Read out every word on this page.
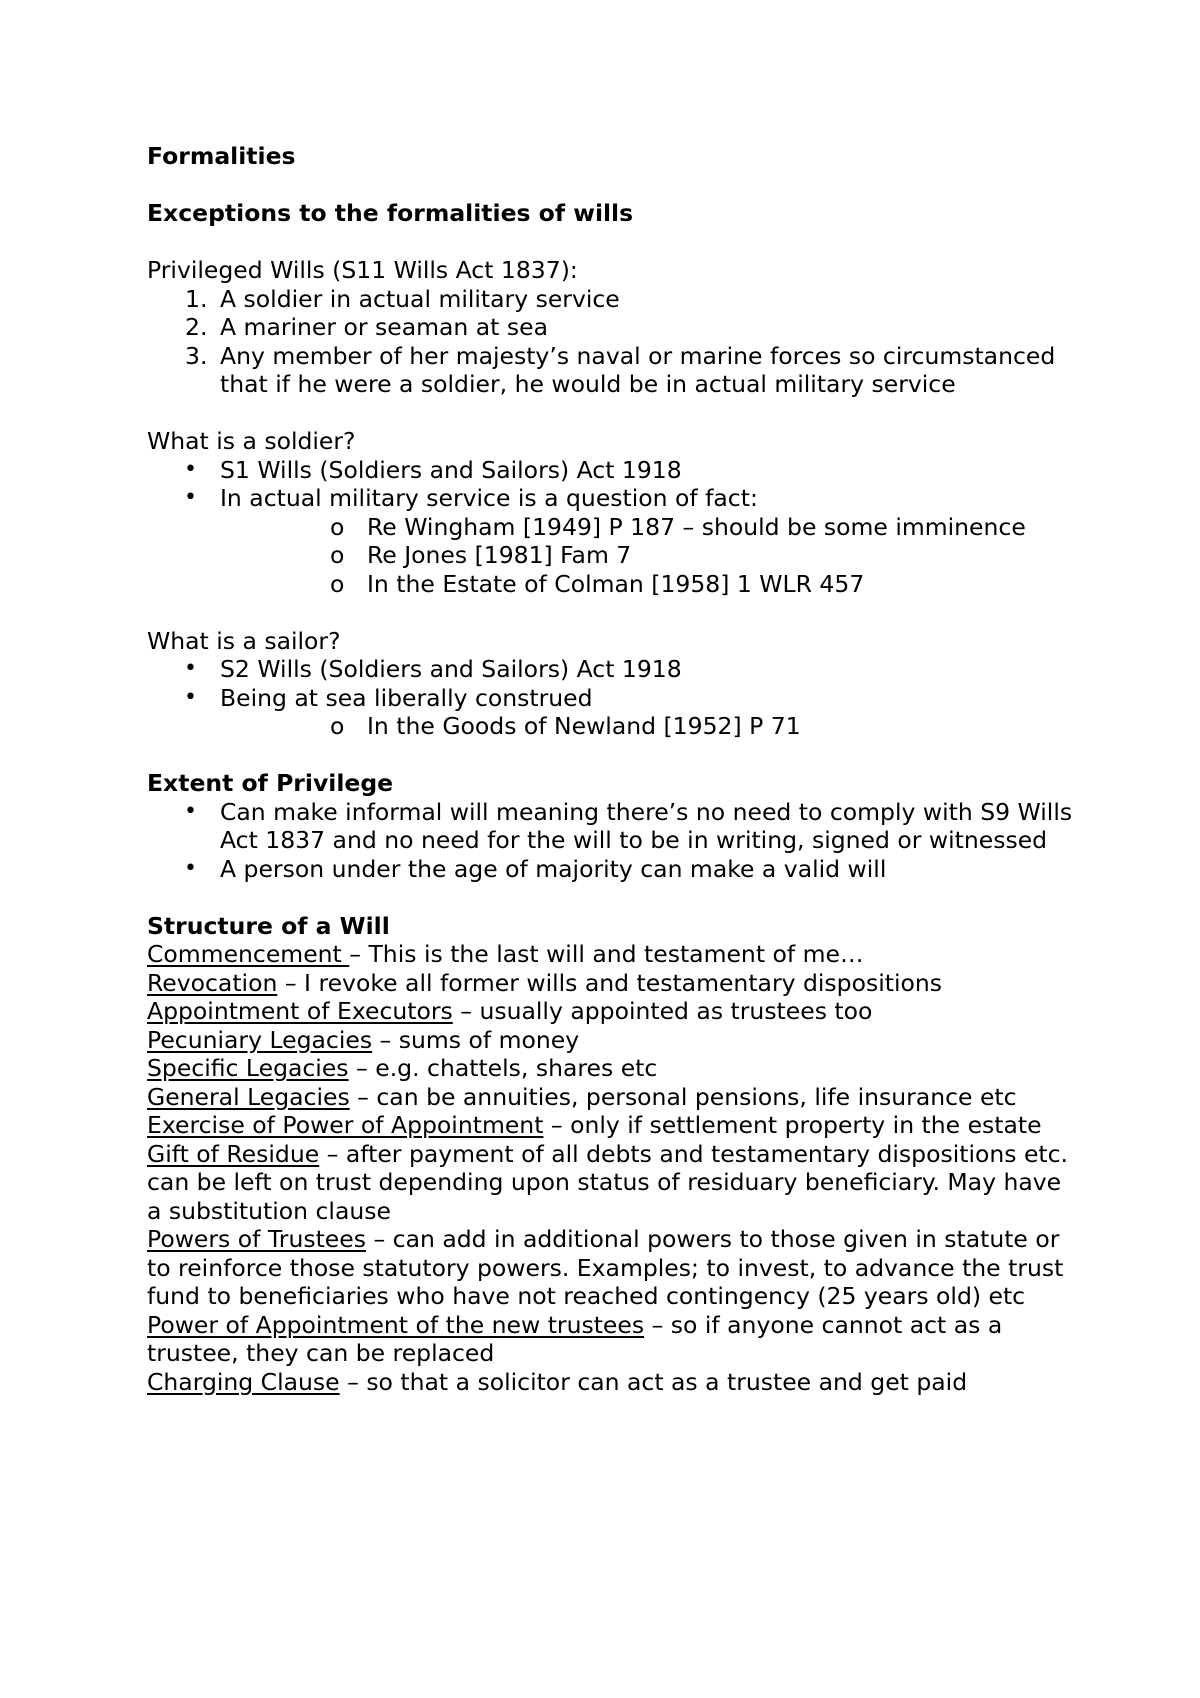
Formalities

Exceptions to the formalities of wills

Privileged Wills (S11 Wills Act 1837):

1. A soldier in actual military service
2. A mariner or seaman at sea
3. Any member of her majesty’s naval or marine forces so circumstanced that if he were a soldier, he would be in actual military service

What is a soldier?

• S1 Wills (Soldiers and Sailors) Act 1918
• In actual military service is a question of fact:
o Re Wingham [1949] P 187 – should be some imminence
o Re Jones [1981] Fam 7
o In the Estate of Colman [1958] 1 WLR 457

What is a sailor?

• S2 Wills (Soldiers and Sailors) Act 1918
• Being at sea liberally construed
o In the Goods of Newland [1952] P 71

Extent of Privilege

• Can make informal will meaning there’s no need to comply with S9 Wills Act 1837 and no need for the will to be in writing, signed or witnessed
• A person under the age of majority can make a valid will

Structure of a Will

Commencement – This is the last will and testament of me…

Revocation – I revoke all former wills and testamentary dispositions

Appointment of Executors – usually appointed as trustees too

Pecuniary Legacies – sums of money

Specific Legacies – e.g. chattels, shares etc

General Legacies – can be annuities, personal pensions, life insurance etc

Exercise of Power of Appointment – only if settlement property in the estate

Gift of Residue – after payment of all debts and testamentary dispositions etc. can be left on trust depending upon status of residuary beneficiary. May have a substitution clause

Powers of Trustees – can add in additional powers to those given in statute or to reinforce those statutory powers. Examples; to invest, to advance the trust fund to beneficiaries who have not reached contingency (25 years old) etc

Power of Appointment of the new trustees – so if anyone cannot act as a trustee, they can be replaced

Charging Clause – so that a solicitor can act as a trustee and get paid
